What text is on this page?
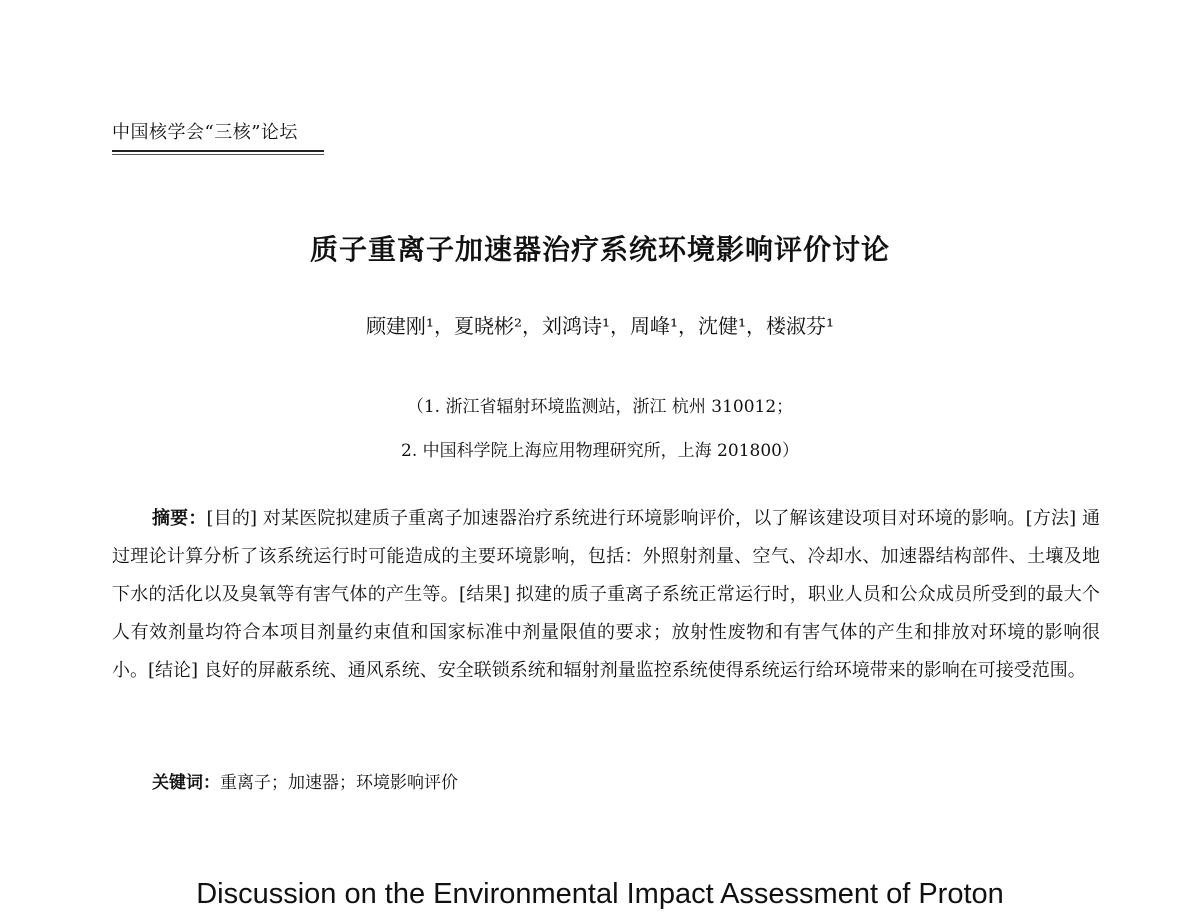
中国核学会“三核”论坛
质子重离子加速器治疗系统环境影响评价讨论
顾建刚¹，夏晓彬²，刘鸿诗¹，周峰¹，沈健¹，楼淑芬¹
（1. 浙江省辐射环境监测站，浙江 杭州 310012；
2. 中国科学院上海应用物理研究所，上海 201800）
摘要：[目的] 对某医院拟建质子重离子加速器治疗系统进行环境影响评价，以了解该建设项目对环境的影响。[方法] 通过理论计算分析了该系统运行时可能造成的主要环境影响，包括：外照射剂量、空气、冷却水、加速器结构部件、土壤及地下水的活化以及臭氧等有害气体的产生等。[结果] 拟建的质子重离子系统正常运行时，职业人员和公众成员所受到的最大个人有效剂量均符合本项目剂量约束值和国家标准中剂量限值的要求；放射性废物和有害气体的产生和排放对环境的影响很小。[结论] 良好的屏蔽系统、通风系统、安全联锁系统和辐射剂量监控系统使得系统运行给环境带来的影响在可接受范围。
关键词：重离子；加速器；环境影响评价
Discussion on the Environmental Impact Assessment of Proton
